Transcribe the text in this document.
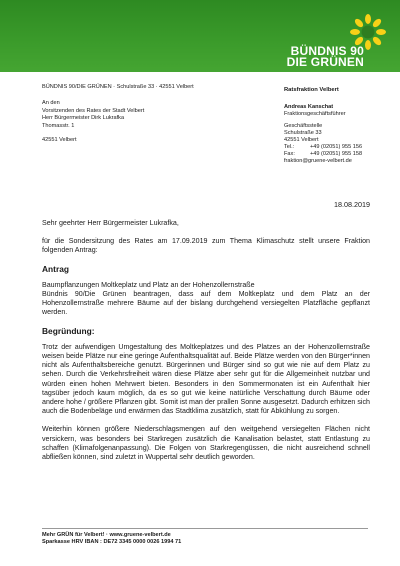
BÜNDNIS 90
DIE GRÜNEN
BÜNDNIS 90/DIE GRÜNEN · Schulstraße 33 · 42551 Velbert
An den
Vorsitzenden des Rates der Stadt Velbert
Herr Bürgermeister Dirk Lukrafka
Thomasstr. 1
42551 Velbert
Ratsfraktion Velbert
Andreas Kanschat
Fraktionsgeschäftsführer
Geschäftsstelle
Schulstraße 33
42551 Velbert
Tel.:	+49 (02051) 955 156
Fax:	+49 (02051) 955 158
fraktion@gruene-velbert.de
18.08.2019

Sehr geehrter Herr Bürgermeister Lukrafka,

für die Sondersitzung des Rates am 17.09.2019 zum Thema Klimaschutz stellt unsere Fraktion folgenden Antrag:

Antrag

Baumpflanzungen Moltkeplatz und Platz an der Hohenzollernstraße

Bündnis 90/Die Grünen beantragen, dass auf dem Moltkeplatz und dem Platz an der Hohenzollernstraße mehrere Bäume auf der bislang durchgehend versiegelten Platzfläche gepflanzt werden.

Begründung:

Trotz der aufwendigen Umgestaltung des Moltkeplatzes und des Platzes an der Hohenzollernstraße weisen beide Plätze nur eine geringe Aufenthaltsqualität auf. Beide Plätze werden von den Bürger*innen nicht als Aufenthaltsbereiche genutzt. Bürgerinnen und Bürger sind so gut wie nie auf dem Platz zu sehen. Durch die Verkehrsfreiheit wären diese Plätze aber sehr gut für die Allgemeinheit nutzbar und würden einen hohen Mehrwert bieten. Besonders in den Sommermonaten ist ein Aufenthalt hier tagsüber jedoch kaum möglich, da es so gut wie keine natürliche Verschattung durch Bäume oder andere hohe / größere Pflanzen gibt. Somit ist man der prallen Sonne ausgesetzt. Dadurch erhitzen sich auch die Bodenbeläge und erwärmen das Stadtklima zusätzlich, statt für Abkühlung zu sorgen.

Weiterhin können größere Niederschlagsmengen auf den weitgehend versiegelten Flächen nicht versickern, was besonders bei Starkregen zusätzlich die Kanalisation belastet, statt Entlastung zu schaffen (Klimafolgenanpassung). Die Folgen von Starkregengüssen, die nicht ausreichend schnell abfließen können, sind zuletzt in Wuppertal sehr deutlich geworden.

Mehr GRÜN für Velbert! · www.gruene-velbert.de
Sparkasse HRV IBAN : DE72 3345 0000 0026 1994 71
